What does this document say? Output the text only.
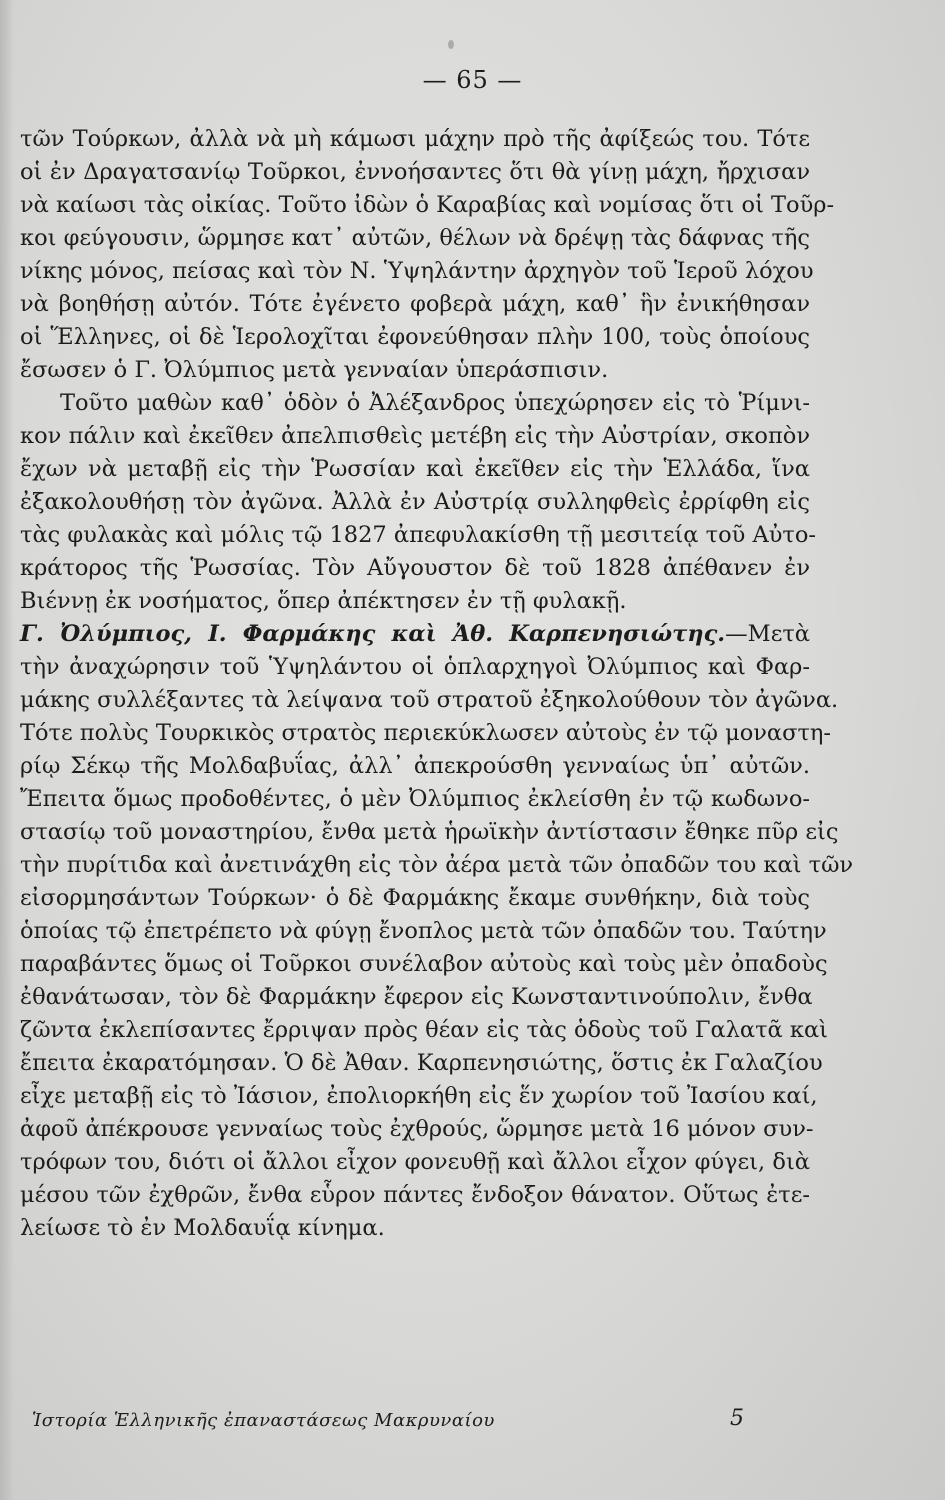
— 65 —
τῶν Τούρκων, ἀλλὰ νὰ μὴ κάμωσι μάχην πρὸ τῆς ἀφίξεώς του. Τότε
οἱ ἐν Δραγατσανίῳ Τοῦρκοι, ἐννοήσαντες ὅτι θὰ γίνῃ μάχη, ἤρχισαν
νὰ καίωσι τὰς οἰκίας. Τοῦτο ἰδὼν ὁ Καραβίας καὶ νομίσας ὅτι οἱ Τοῦρ-
κοι φεύγουσιν, ὥρμησε κατ᾽ αὐτῶν, θέλων νὰ δρέψῃ τὰς δάφνας τῆς
νίκης μόνος, πείσας καὶ τὸν Ν. Ὑψηλάντην ἀρχηγὸν τοῦ Ἱεροῦ λόχου
νὰ βοηθήσῃ αὐτόν. Τότε ἐγένετο φοβερὰ μάχη, καθ᾽ ἣν ἐνικήθησαν
οἱ Ἕλληνες, οἱ δὲ Ἱερολοχῖται ἐφονεύθησαν πλὴν 100, τοὺς ὁποίους
ἔσωσεν ὁ Γ. Ὀλύμπιος μετὰ γενναίαν ὑπεράσπισιν.
Τοῦτο μαθὼν καθ᾽ ὁδὸν ὁ Ἀλέξανδρος ὑπεχώρησεν εἰς τὸ Ῥίμνι-
κον πάλιν καὶ ἐκεῖθεν ἀπελπισθεὶς μετέβη εἰς τὴν Αὐστρίαν, σκοπὸν
ἔχων νὰ μεταβῇ εἰς τὴν Ῥωσσίαν καὶ ἐκεῖθεν εἰς τὴν Ἑλλάδα, ἵνα
ἐξακολουθήσῃ τὸν ἀγῶνα. Ἀλλὰ ἐν Αὐστρίᾳ συλληφθεὶς ἐρρίφθη εἰς
τὰς φυλακὰς καὶ μόλις τῷ 1827 ἀπεφυλακίσθη τῇ μεσιτείᾳ τοῦ Αὐτο-
κράτορος τῆς Ῥωσσίας. Τὸν Αὔγουστον δὲ τοῦ 1828 ἀπέθανεν ἐν
Βιέννῃ ἐκ νοσήματος, ὅπερ ἀπέκτησεν ἐν τῇ φυλακῇ.
Γ. Ὀλύμπιος, Ι. Φαρμάκης καὶ Ἀθ. Καρπενησιώτης.—Μετὰ
τὴν ἀναχώρησιν τοῦ Ὑψηλάντου οἱ ὁπλαρχηγοὶ Ὀλύμπιος καὶ Φαρ-
μάκης συλλέξαντες τὰ λείψανα τοῦ στρατοῦ ἐξηκολούθουν τὸν ἀγῶνα.
Τότε πολὺς Τουρκικὸς στρατὸς περιεκύκλωσεν αὐτοὺς ἐν τῷ μοναστη-
ρίῳ Σέκῳ τῆς Μολδαβυΐας, ἀλλ᾽ ἀπεκρούσθη γενναίως ὑπ᾽ αὐτῶν.
Ἔπειτα ὅμως προδοθέντες, ὁ μὲν Ὀλύμπιος ἐκλείσθη ἐν τῷ κωδωνο-
στασίῳ τοῦ μοναστηρίου, ἔνθα μετὰ ἡρωϊκὴν ἀντίστασιν ἔθηκε πῦρ εἰς
τὴν πυρίτιδα καὶ ἀνετινάχθη εἰς τὸν ἀέρα μετὰ τῶν ὀπαδῶν του καὶ τῶν
εἰσορμησάντων Τούρκων· ὁ δὲ Φαρμάκης ἔκαμε συνθήκην, διὰ τοὺς
ὁποίας τῷ ἐπετρέπετο νὰ φύγῃ ἔνοπλος μετὰ τῶν ὀπαδῶν του. Ταύτην
παραβάντες ὅμως οἱ Τοῦρκοι συνέλαβον αὐτοὺς καὶ τοὺς μὲν ὀπαδοὺς
ἐθανάτωσαν, τὸν δὲ Φαρμάκην ἔφερον εἰς Κωνσταντινούπολιν, ἔνθα
ζῶντα ἐκλεπίσαντες ἔρριψαν πρὸς θέαν εἰς τὰς ὁδοὺς τοῦ Γαλατᾶ καὶ
ἔπειτα ἐκαρατόμησαν. Ὁ δὲ Ἀθαν. Καρπενησιώτης, ὅστις ἐκ Γαλαζίου
εἶχε μεταβῇ εἰς τὸ Ἰάσιον, ἐπολιορκήθη εἰς ἕν χωρίον τοῦ Ἰασίου καί,
ἀφοῦ ἀπέκρουσε γενναίως τοὺς ἐχθρούς, ὥρμησε μετὰ 16 μόνον συν-
τρόφων του, διότι οἱ ἄλλοι εἶχον φονευθῇ καὶ ἄλλοι εἶχον φύγει, διὰ
μέσου τῶν ἐχθρῶν, ἔνθα εὗρον πάντες ἔνδοξον θάνατον. Οὕτως ἐτε-
λείωσε τὸ ἐν Μολδαυΐᾳ κίνημα.
Ἱστορία Ἑλληνικῆς ἐπαναστάσεως Μακρυναίου	5
